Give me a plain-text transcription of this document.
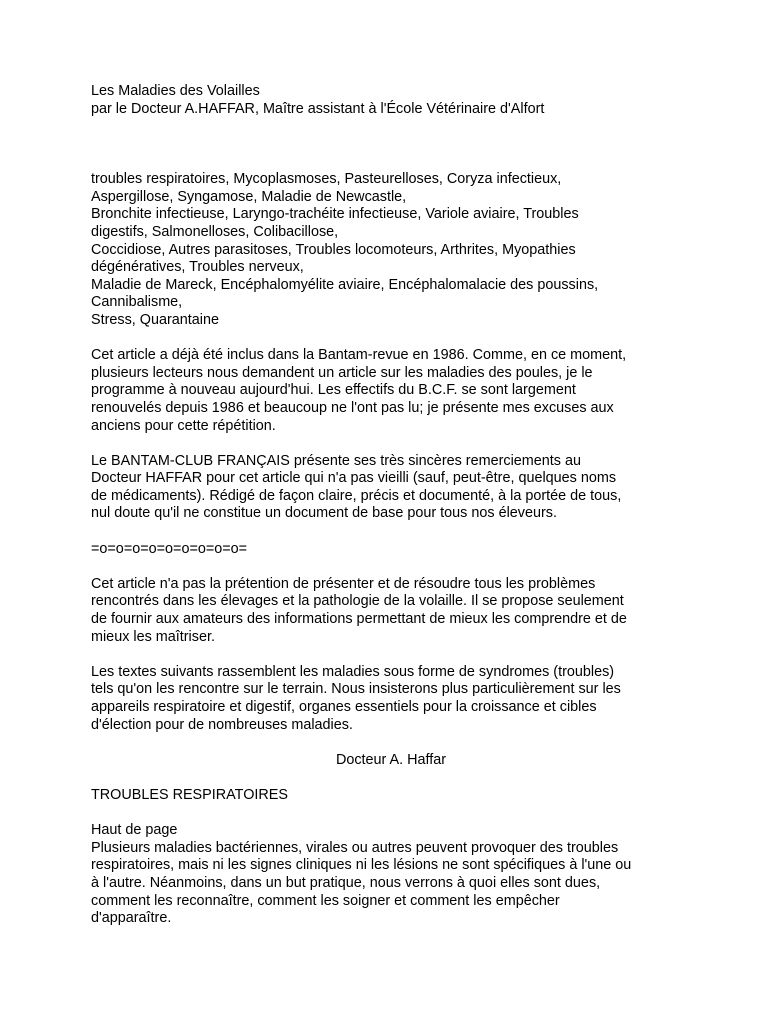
Les Maladies des Volailles
par le Docteur A.HAFFAR, Maître assistant à l'École Vétérinaire d'Alfort
troubles respiratoires, Mycoplasmoses, Pasteurelloses, Coryza infectieux,
Aspergillose, Syngamose, Maladie de Newcastle,
Bronchite infectieuse, Laryngo-trachéite infectieuse, Variole aviaire, Troubles
digestifs, Salmonelloses, Colibacillose,
Coccidiose, Autres parasitoses, Troubles locomoteurs, Arthrites, Myopathies
dégénératives, Troubles nerveux,
Maladie de Mareck, Encéphalomyélite aviaire, Encéphalomalacie des poussins,
Cannibalisme,
Stress, Quarantaine
Cet article a déjà été inclus dans la Bantam-revue en 1986. Comme, en ce moment,
plusieurs lecteurs nous demandent un article sur les maladies des poules, je le
programme à nouveau aujourd'hui. Les effectifs du B.C.F. se sont largement
renouvelés depuis 1986 et beaucoup ne l'ont pas lu; je présente mes excuses aux
anciens pour cette répétition.
Le BANTAM-CLUB FRANÇAIS présente ses très sincères remerciements au
Docteur HAFFAR pour cet article qui n'a pas vieilli (sauf, peut-être, quelques noms
de médicaments). Rédigé de façon claire, précis et documenté, à la portée de tous,
nul doute qu'il ne constitue un document de base pour tous nos éleveurs.
=o=o=o=o=o=o=o=o=o=
Cet article n'a pas la prétention de présenter et de résoudre tous les problèmes
rencontrés dans les élevages et la pathologie de la volaille. Il se propose seulement
de fournir aux amateurs des informations permettant de mieux les comprendre et de
mieux les maîtriser.
Les textes suivants rassemblent les maladies sous forme de syndromes (troubles)
tels qu'on les rencontre sur le terrain. Nous insisterons plus particulièrement sur les
appareils respiratoire et digestif, organes essentiels pour la croissance et cibles
d'élection pour de nombreuses maladies.
Docteur A. Haffar
TROUBLES RESPIRATOIRES
Haut de page
Plusieurs maladies bactériennes, virales ou autres peuvent provoquer des troubles
respiratoires, mais ni les signes cliniques ni les lésions ne sont spécifiques à l'une ou
à l'autre. Néanmoins, dans un but pratique, nous verrons à quoi elles sont dues,
comment les reconnaître, comment les soigner et comment les empêcher
d'apparaître.
